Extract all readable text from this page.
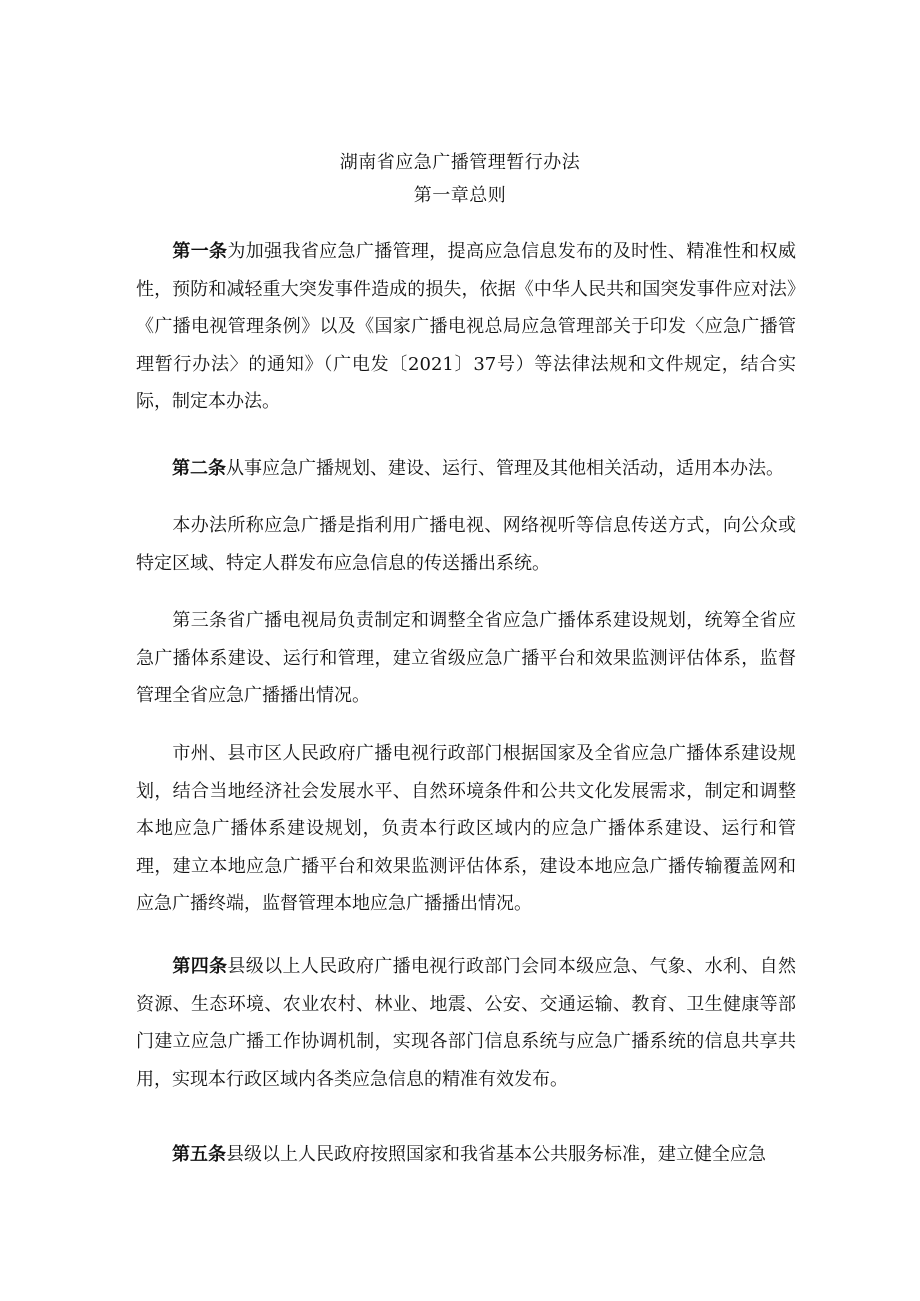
湖南省应急广播管理暂行办法
第一章总则

第一条为加强我省应急广播管理，提高应急信息发布的及时性、精准性和权威性，预防和减轻重大突发事件造成的损失，依据《中华人民共和国突发事件应对法》《广播电视管理条例》以及《国家广播电视总局应急管理部关于印发〈应急广播管理暂行办法〉的通知》（广电发〔2021〕37号）等法律法规和文件规定，结合实际，制定本办法。

第二条从事应急广播规划、建设、运行、管理及其他相关活动，适用本办法。

本办法所称应急广播是指利用广播电视、网络视听等信息传送方式，向公众或特定区域、特定人群发布应急信息的传送播出系统。

第三条省广播电视局负责制定和调整全省应急广播体系建设规划，统筹全省应急广播体系建设、运行和管理，建立省级应急广播平台和效果监测评估体系，监督管理全省应急广播播出情况。

市州、县市区人民政府广播电视行政部门根据国家及全省应急广播体系建设规划，结合当地经济社会发展水平、自然环境条件和公共文化发展需求，制定和调整本地应急广播体系建设规划，负责本行政区域内的应急广播体系建设、运行和管理，建立本地应急广播平台和效果监测评估体系，建设本地应急广播传输覆盖网和应急广播终端，监督管理本地应急广播播出情况。

第四条县级以上人民政府广播电视行政部门会同本级应急、气象、水利、自然资源、生态环境、农业农村、林业、地震、公安、交通运输、教育、卫生健康等部门建立应急广播工作协调机制，实现各部门信息系统与应急广播系统的信息共享共用，实现本行政区域内各类应急信息的精准有效发布。

第五条县级以上人民政府按照国家和我省基本公共服务标准，建立健全应急
